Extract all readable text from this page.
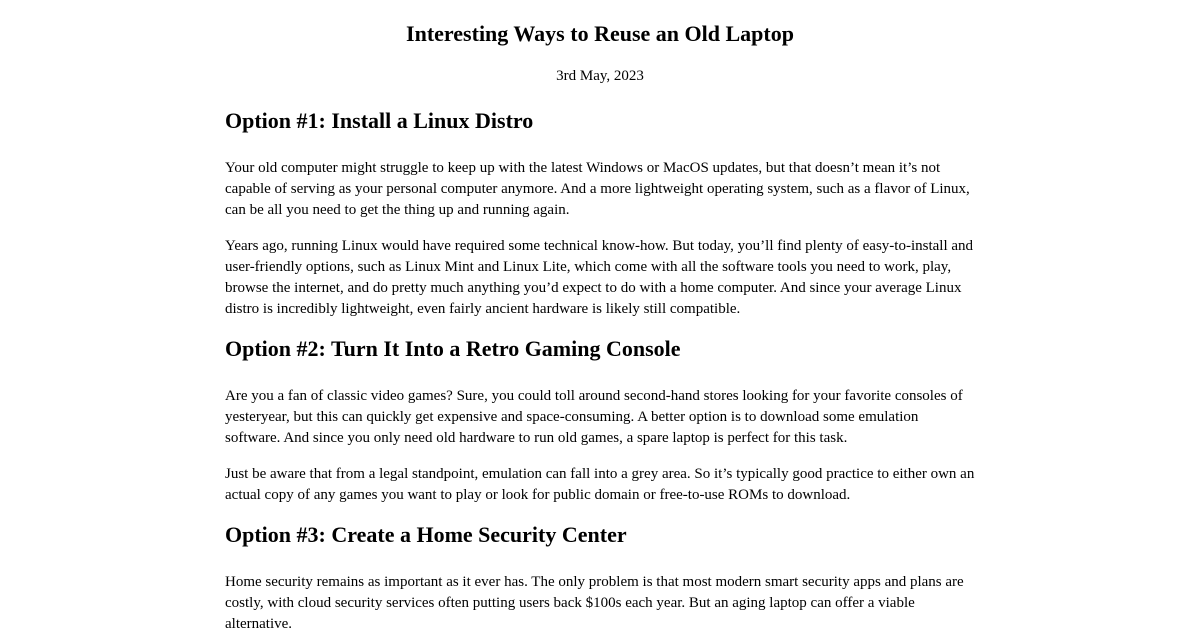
Interesting Ways to Reuse an Old Laptop

3rd May, 2023

Option #1: Install a Linux Distro

Your old computer might struggle to keep up with the latest Windows or MacOS updates, but that doesn’t mean it’s not capable of serving as your personal computer anymore. And a more lightweight operating system, such as a flavor of Linux, can be all you need to get the thing up and running again.

Years ago, running Linux would have required some technical know-how. But today, you’ll find plenty of easy-to-install and user-friendly options, such as Linux Mint and Linux Lite, which come with all the software tools you need to work, play, browse the internet, and do pretty much anything you’d expect to do with a home computer. And since your average Linux distro is incredibly lightweight, even fairly ancient hardware is likely still compatible.

Option #2: Turn It Into a Retro Gaming Console

Are you a fan of classic video games? Sure, you could toll around second-hand stores looking for your favorite consoles of yesteryear, but this can quickly get expensive and space-consuming. A better option is to download some emulation software. And since you only need old hardware to run old games, a spare laptop is perfect for this task.

Just be aware that from a legal standpoint, emulation can fall into a grey area. So it’s typically good practice to either own an actual copy of any games you want to play or look for public domain or free-to-use ROMs to download.

Option #3: Create a Home Security Center

Home security remains as important as it ever has. The only problem is that most modern smart security apps and plans are costly, with cloud security services often putting users back $100s each year. But an aging laptop can offer a viable alternative.
